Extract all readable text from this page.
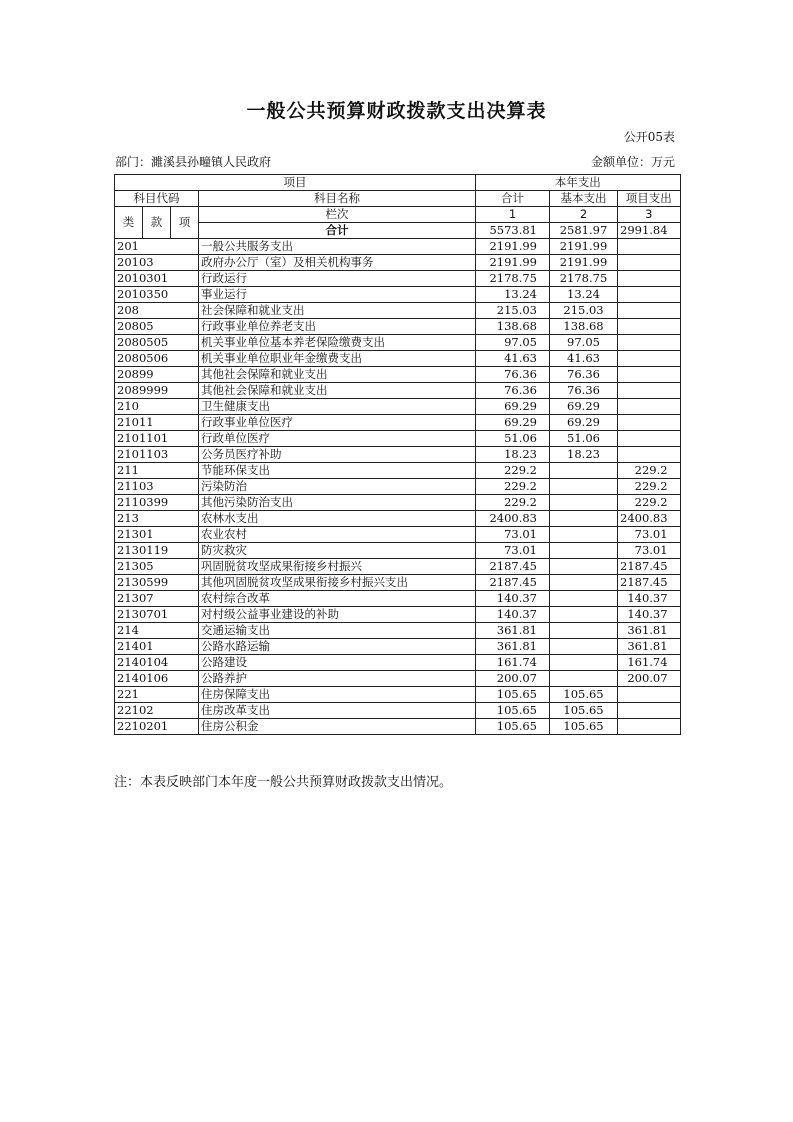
一般公共预算财政拨款支出决算表
公开05表
部门：濉溪县孙疃镇人民政府	金额单位：万元
项目				本年支出		
科目代码			科目名称	合计	基本支出	项目支出
类	款	项	栏次	1	2	3
			合计	5573.81	2581.97	2991.84
201			一般公共服务支出	2191.99	2191.99	
20103			政府办公厅（室）及相关机构事务	2191.99	2191.99	
2010301			行政运行	2178.75	2178.75	
2010350			事业运行	13.24	13.24	
208			社会保障和就业支出	215.03	215.03	
20805			行政事业单位养老支出	138.68	138.68	
2080505			机关事业单位基本养老保险缴费支出	97.05	97.05	
2080506			机关事业单位职业年金缴费支出	41.63	41.63	
20899			其他社会保障和就业支出	76.36	76.36	
2089999			其他社会保障和就业支出	76.36	76.36	
210			卫生健康支出	69.29	69.29	
21011			行政事业单位医疗	69.29	69.29	
2101101			行政单位医疗	51.06	51.06	
2101103			公务员医疗补助	18.23	18.23	
211			节能环保支出	229.2		229.2
21103			污染防治	229.2		229.2
2110399			其他污染防治支出	229.2		229.2
213			农林水支出	2400.83		2400.83
21301			农业农村	73.01		73.01
2130119			防灾救灾	73.01		73.01
21305			巩固脱贫攻坚成果衔接乡村振兴	2187.45		2187.45
2130599			其他巩固脱贫攻坚成果衔接乡村振兴支出	2187.45		2187.45
21307			农村综合改革	140.37		140.37
2130701			对村级公益事业建设的补助	140.37		140.37
214			交通运输支出	361.81		361.81
21401			公路水路运输	361.81		361.81
2140104			公路建设	161.74		161.74
2140106			公路养护	200.07		200.07
221			住房保障支出	105.65	105.65	
22102			住房改革支出	105.65	105.65	
2210201			住房公积金	105.65	105.65	
注：本表反映部门本年度一般公共预算财政拨款支出情况。
